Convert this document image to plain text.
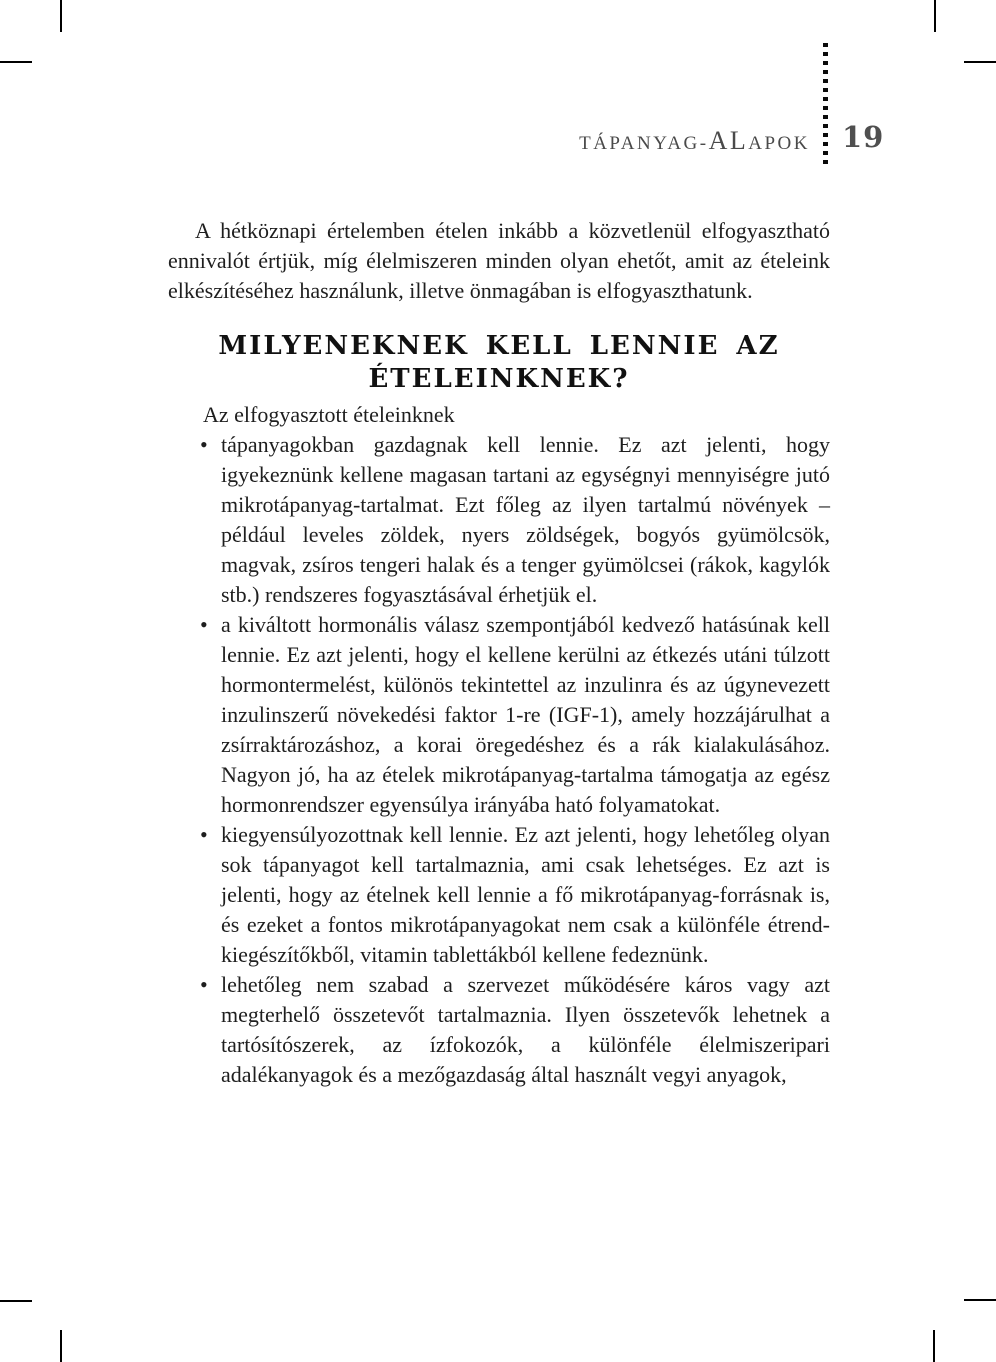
TÁPANYAG- AL APOK 19

A hétköznapi értelemben ételen inkább a közvetlenül elfogyasztható ennivalót értjük, míg élelmiszeren minden olyan ehetőt, amit az ételeink elkészítéséhez használunk, illetve önmagában is elfogyaszthatunk.

MILYENEKNEK KELL LENNIE AZ
ÉTELEINKNEK?

Az elfogyasztott ételeinknek

• tápanyagokban gazdagnak kell lennie. Ez azt jelenti, hogy igyekeznünk kellene magasan tartani az egységnyi mennyiségre jutó mikrotápanyag-tartalmat. Ezt főleg az ilyen tartalmú növények – például leveles zöldek, nyers zöldségek, bogyós gyümölcsök, magvak, zsíros tengeri halak és a tenger gyümölcsei (rákok, kagylók stb.) rendszeres fogyasztásával érhetjük el.
• a kiváltott hormonális válasz szempontjából kedvező hatásúnak kell lennie. Ez azt jelenti, hogy el kellene kerülni az étkezés utáni túlzott hormontermelést, különös tekintettel az inzulinra és az úgynevezett inzulinszerű növekedési faktor 1-re (IGF-1), amely hozzájárulhat a zsírraktározáshoz, a korai öregedéshez és a rák kialakulásához. Nagyon jó, ha az ételek mikrotápanyag-tartalma támogatja az egész hormonrendszer egyensúlya irányába ható folyamatokat.
• kiegyensúlyozottnak kell lennie. Ez azt jelenti, hogy lehetőleg olyan sok tápanyagot kell tartalmaznia, ami csak lehetséges. Ez azt is jelenti, hogy az ételnek kell lennie a fő mikrotápanyag-forrásnak is, és ezeket a fontos mikrotápanyagokat nem csak a különféle étrend-kiegészítőkből, vitamin tablettákból kellene fedeznünk.
• lehetőleg nem szabad a szervezet működésére káros vagy azt megterhelő összetevőt tartalmaznia. Ilyen összetevők lehetnek a tartósítószerek, az ízfokozók, a különféle élelmiszeripari adalékanyagok és a mezőgazdaság által használt vegyi anyagok,
